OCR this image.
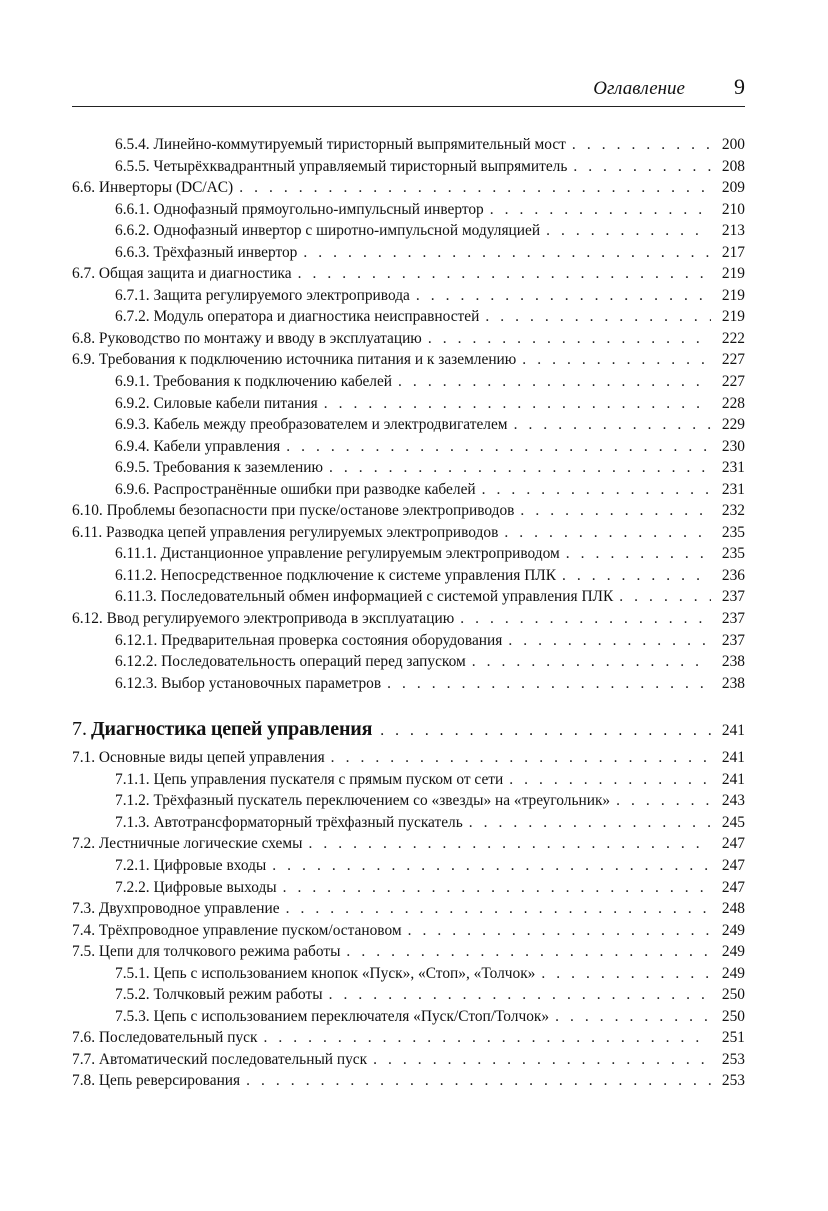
Оглавление 9
6.5.4. Линейно-коммутируемый тиристорный выпрямительный мост . . .	200
6.5.5. Четырёхквадрантный управляемый тиристорный выпрямитель . . .	208
6.6. Инверторы (DC/AC) . . .	209
6.6.1. Однофазный прямоугольно-импульсный инвертор . . .	210
6.6.2. Однофазный инвертор с широтно-импульсной модуляцией . . .	213
6.6.3. Трёхфазный инвертор . . .	217
6.7. Общая защита и диагностика . . .	219
6.7.1. Защита регулируемого электропривода . . .	219
6.7.2. Модуль оператора и диагностика неисправностей . . .	219
6.8. Руководство по монтажу и вводу в эксплуатацию . . .	222
6.9. Требования к подключению источника питания и к заземлению . . .	227
6.9.1. Требования к подключению кабелей . . .	227
6.9.2. Силовые кабели питания . . .	228
6.9.3. Кабель между преобразователем и электродвигателем . . .	229
6.9.4. Кабели управления . . .	230
6.9.5. Требования к заземлению . . .	231
6.9.6. Распространённые ошибки при разводке кабелей . . .	231
6.10. Проблемы безопасности при пуске/останове электроприводов . . .	232
6.11. Разводка цепей управления регулируемых электроприводов . . .	235
6.11.1. Дистанционное управление регулируемым электроприводом . . .	235
6.11.2. Непосредственное подключение к системе управления ПЛК . . .	236
6.11.3. Последовательный обмен информацией с системой управления ПЛК . . .	237
6.12. Ввод регулируемого электропривода в эксплуатацию . . .	237
6.12.1. Предварительная проверка состояния оборудования . . .	237
6.12.2. Последовательность операций перед запуском . . .	238
6.12.3. Выбор установочных параметров . . .	238
7.
Диагностика цепей управления . . .	241
7.1. Основные виды цепей управления . . .	241
7.1.1. Цепь управления пускателя с прямым пуском от сети . . .	241
7.1.2. Трёхфазный пускатель переключением со «звезды» на «треугольник» . . .	243
7.1.3. Автотрансформаторный трёхфазный пускатель . . .	245
7.2. Лестничные логические схемы . . .	247
7.2.1. Цифровые входы . . .	247
7.2.2. Цифровые выходы . . .	247
7.3. Двухпроводное управление . . .	248
7.4. Трёхпроводное управление пуском/остановом . . .	249
7.5. Цепи для толчкового режима работы . . .	249
7.5.1. Цепь с использованием кнопок «Пуск», «Стоп», «Толчок» . . .	249
7.5.2. Толчковый режим работы . . .	250
7.5.3. Цепь с использованием переключателя «Пуск/Стоп/Толчок» . . .	250
7.6. Последовательный пуск . . .	251
7.7. Автоматический последовательный пуск . . .	253
7.8. Цепь реверсирования . . .	253
